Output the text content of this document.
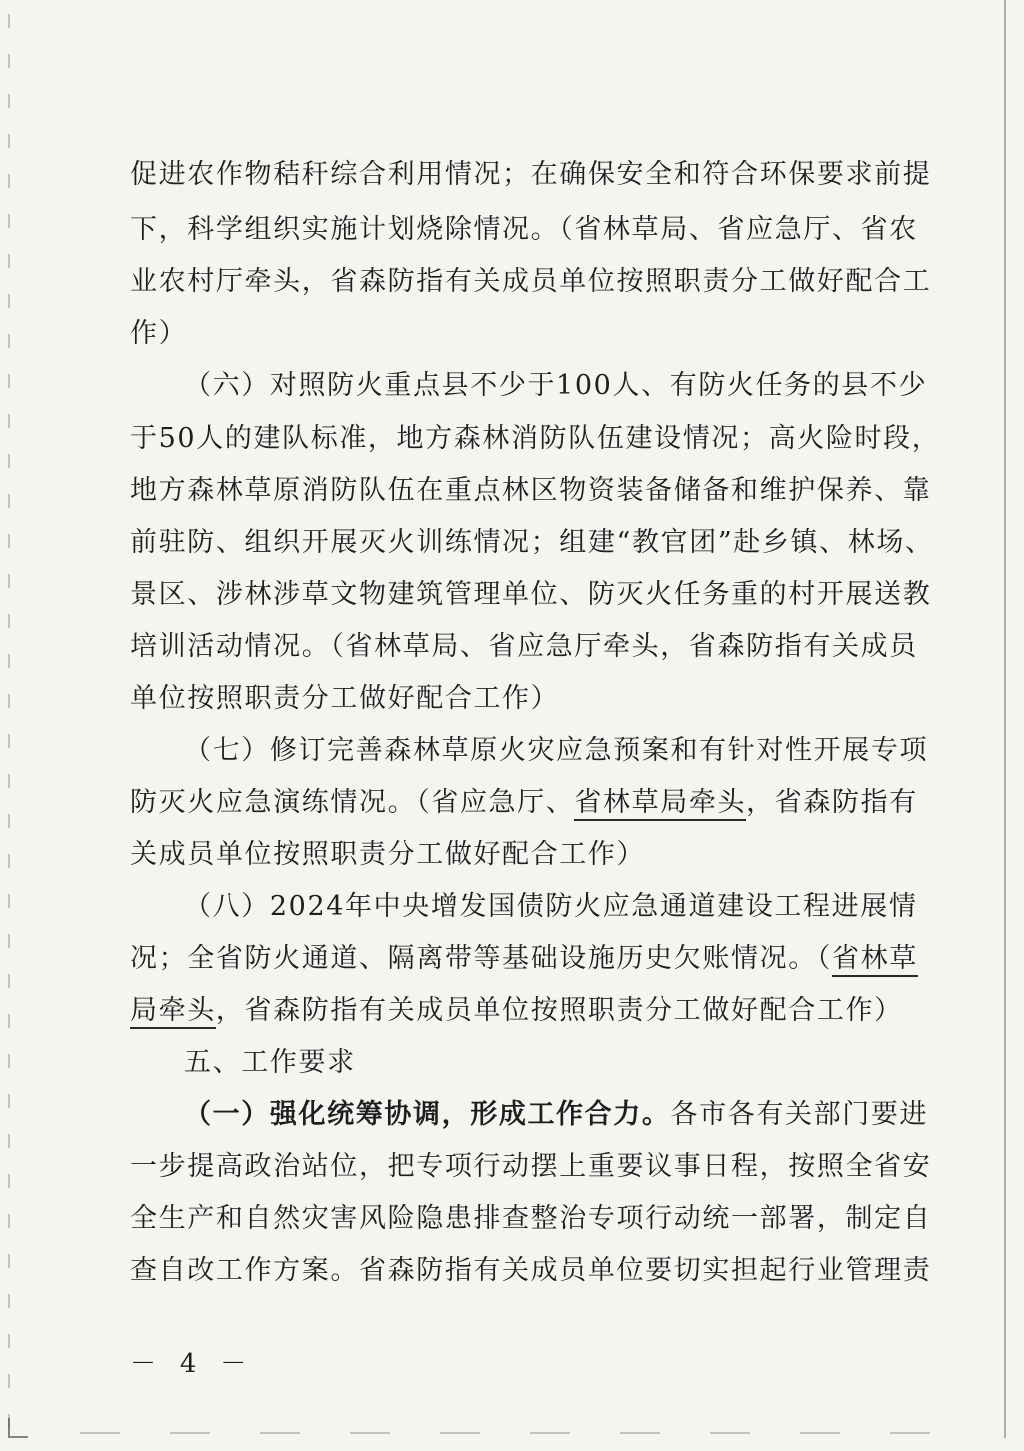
促进农作物秸秆综合利用情况；在确保安全和符合环保要求前提
下，科学组织实施计划烧除情况。（省林草局、省应急厅、省农
业农村厅牵头，省森防指有关成员单位按照职责分工做好配合工
作）
（六）对照防火重点县不少于100人、有防火任务的县不少
于50人的建队标准，地方森林消防队伍建设情况；高火险时段，
地方森林草原消防队伍在重点林区物资装备储备和维护保养、靠
前驻防、组织开展灭火训练情况；组建“教官团”赴乡镇、林场、
景区、涉林涉草文物建筑管理单位、防灭火任务重的村开展送教
培训活动情况。（省林草局、省应急厅牵头，省森防指有关成员
单位按照职责分工做好配合工作）
（七）修订完善森林草原火灾应急预案和有针对性开展专项
防灭火应急演练情况。（省应急厅、省林草局牵头，省森防指有
关成员单位按照职责分工做好配合工作）
（八）2024年中央增发国债防火应急通道建设工程进展情
况；全省防火通道、隔离带等基础设施历史欠账情况。（省林草
局牵头，省森防指有关成员单位按照职责分工做好配合工作）
五、工作要求
（一）强化统筹协调，形成工作合力。各市各有关部门要进
一步提高政治站位，把专项行动摆上重要议事日程，按照全省安
全生产和自然灾害风险隐患排查整治专项行动统一部署，制定自
查自改工作方案。省森防指有关成员单位要切实担起行业管理责
－ 4 －
